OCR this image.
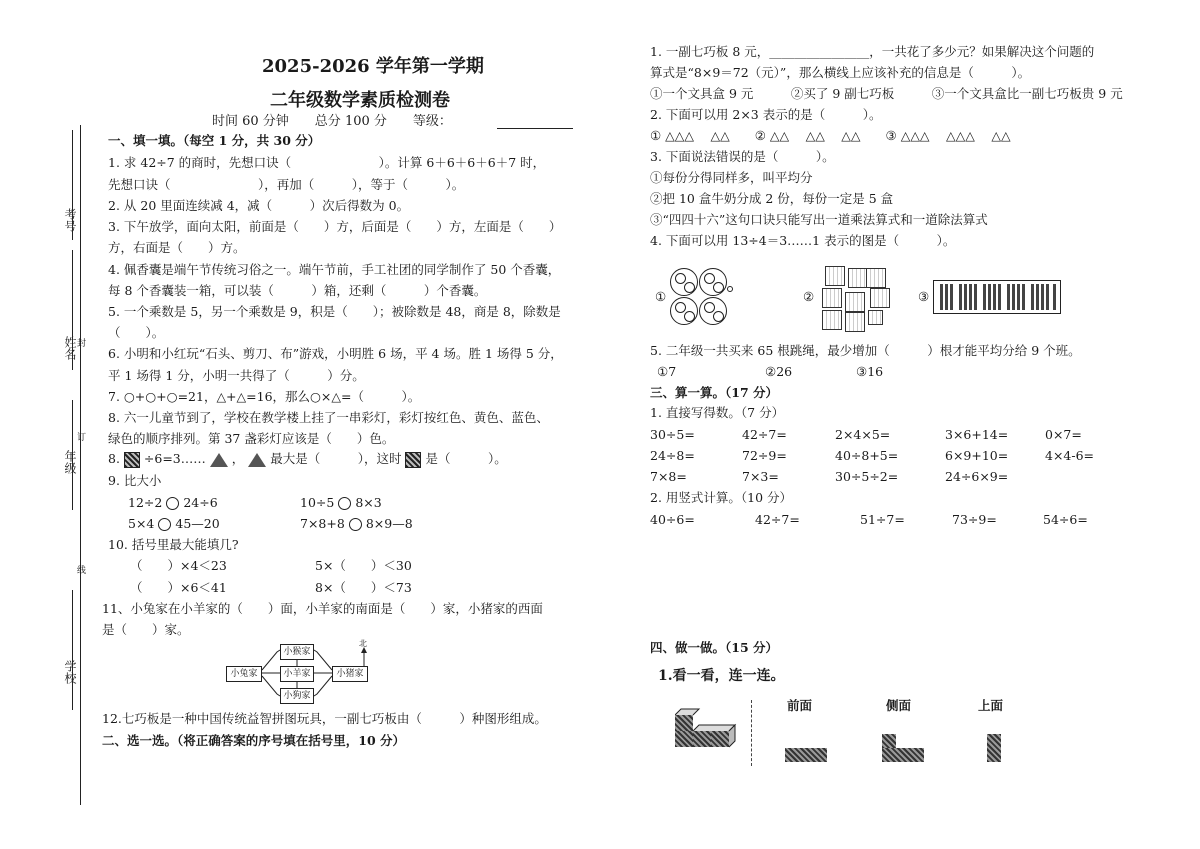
考号
姓名
封
订
年级
线
学校
2025-2026 学年第一学期
二年级数学素质检测卷
时间 60 分钟　　总分 100 分　　等级：
一、填一填。（每空 1 分，共 30 分）
1. 求 42÷7 的商时，先想口诀（　　　　　　　）。计算 6＋6＋6＋6＋7 时，
先想口诀（　　　　　　　），再加（　　　），等于（　　　）。
2. 从 20 里面连续减 4，减（　　　）次后得数为 0。
3. 下午放学，面向太阳，前面是（　　）方，后面是（　　）方，左面是（　　）
方，右面是（　　）方。
4. 佩香囊是端午节传统习俗之一。端午节前，手工社团的同学制作了 50 个香囊，
每 8 个香囊装一箱，可以装（　　　）箱，还剩（　　　）个香囊。
5. 一个乘数是 5，另一个乘数是 9，积是（　　）；被除数是 48，商是 8，除数是
（　　）。
6. 小明和小红玩“石头、剪刀、布”游戏，小明胜 6 场，平 4 场。胜 1 场得 5 分，
平 1 场得 1 分，小明一共得了（　　　）分。
7. ○+○+○=21，△+△=16，那么○×△=（　　　）。
8. 六一儿童节到了，学校在教学楼上挂了一串彩灯，彩灯按红色、黄色、蓝色、
绿色的顺序排列。第 37 盏彩灯应该是（　　）色。
8. ÷6=3…… ， 最大是（　　　），这时 是（　　　）。
9. 比大小
12÷2 24÷6	10÷5 8×3
5×4 45—20	7×8+8 8×9—8
10. 括号里最大能填几?
（　　）×4＜23	5×（　　）＜30
（　　）×6＜41	8×（　　）＜73
11、小兔家在小羊家的（　　）面，小羊家的南面是（　　）家，小猪家的西面
是（　　）家。
小猴家
小兔家	小羊家	小猪家
小狗家
北
12.七巧板是一种中国传统益智拼图玩具，一副七巧板由（　　　）种图形组成。
二、选一选。（将正确答案的序号填在括号里，10 分）
1. 一副七巧板 8 元，________________，一共花了多少元？如果解决这个问题的
算式是“8×9＝72（元）”，那么横线上应该补充的信息是（　　　）。
①一个文具盒 9 元　　　②买了 9 副七巧板　　　③一个文具盒比一副七巧板贵 9 元
2. 下面可以用 2×3 表示的是（　　　）。
① △△△　 △△　　② △△　 △△　 △△　　③ △△△　 △△△　 △△
3. 下面说法错误的是（　　　）。
①每份分得同样多，叫平均分
②把 10 盒牛奶分成 2 份，每份一定是 5 盒
③“四四十六”这句口诀只能写出一道乘法算式和一道除法算式
4. 下面可以用 13÷4＝3……1 表示的图是（　　　）。
①	②	③
5. 二年级一共买来 65 根跳绳，最少增加（　　　）根才能平均分给 9 个班。
①7	②26	③16
三、算一算。（17 分）
1. 直接写得数。（7 分）
30÷5=	42÷7=	2×4×5=	3×6+14=	0×7=
24÷8=	72÷9=	40÷8+5=	6×9+10=	4×4-6=
7×8=	7×3=	30÷5÷2=	24÷6×9=
2. 用竖式计算。（10 分）
40÷6=	42÷7=	51÷7=	73÷9=	54÷6=
四、做一做。（15 分）
1.看一看，连一连。
前面	侧面	上面
